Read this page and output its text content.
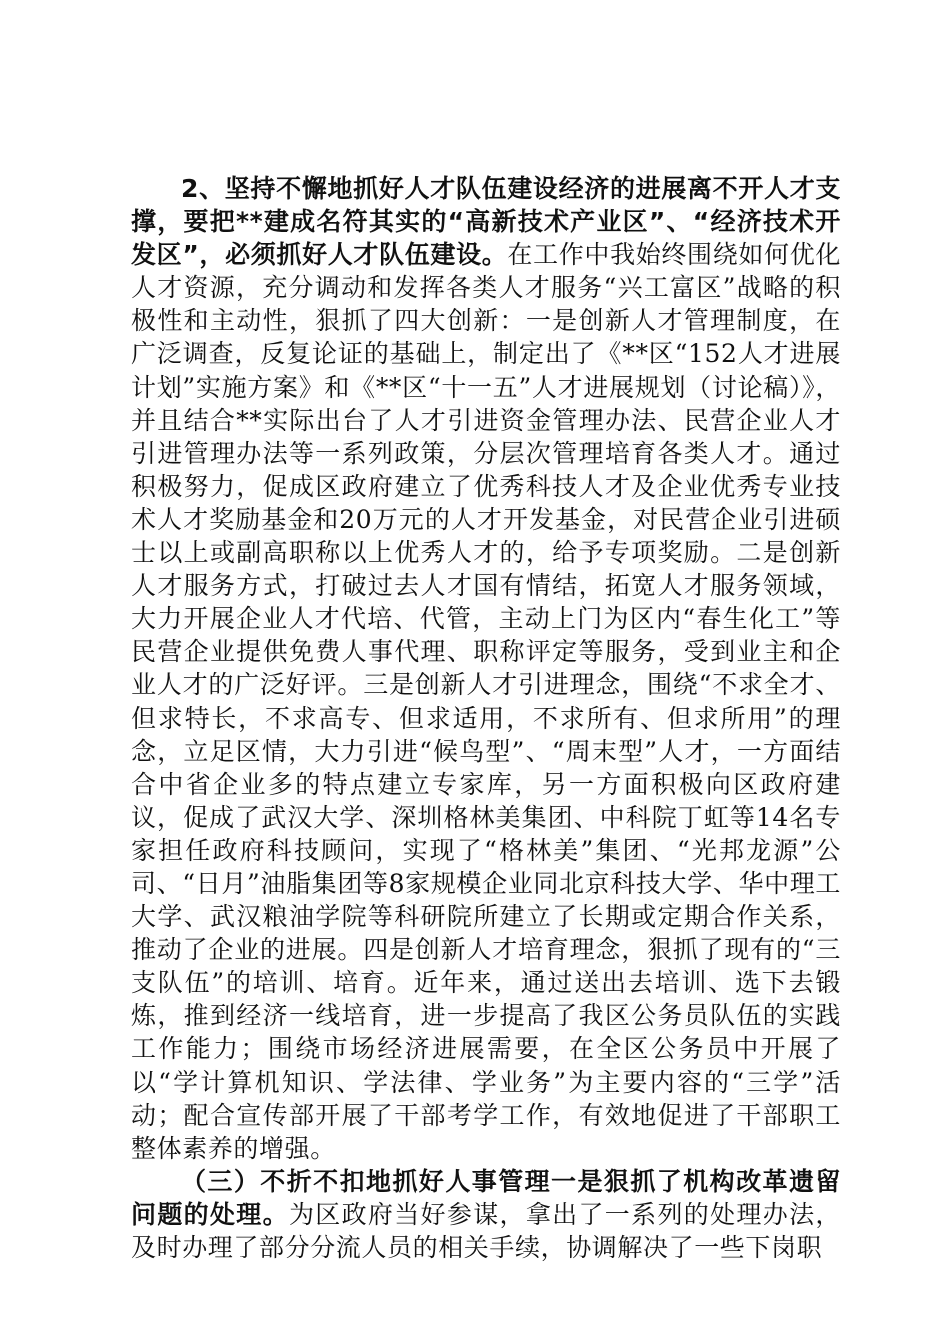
2、坚持不懈地抓好人才队伍建设经济的进展离不开人才支撑，要把**建成名符其实的“高新技术产业区”、“经济技术开发区”，必须抓好人才队伍建设。在工作中我始终围绕如何优化人才资源，充分调动和发挥各类人才服务“兴工富区”战略的积极性和主动性，狠抓了四大创新：一是创新人才管理制度，在广泛调查，反复论证的基础上，制定出了《**区“152人才进展计划”实施方案》和《**区“十一五”人才进展规划（讨论稿）》，并且结合**实际出台了人才引进资金管理办法、民营企业人才引进管理办法等一系列政策，分层次管理培育各类人才。通过积极努力，促成区政府建立了优秀科技人才及企业优秀专业技术人才奖励基金和20万元的人才开发基金，对民营企业引进硕士以上或副高职称以上优秀人才的，给予专项奖励。二是创新人才服务方式，打破过去人才国有情结，拓宽人才服务领域，大力开展企业人才代培、代管，主动上门为区内“春生化工”等民营企业提供免费人事代理、职称评定等服务，受到业主和企业人才的广泛好评。三是创新人才引进理念，围绕“不求全才、但求特长，不求高专、但求适用，不求所有、但求所用”的理念，立足区情，大力引进“候鸟型”、“周末型”人才，一方面结合中省企业多的特点建立专家库，另一方面积极向区政府建议，促成了武汉大学、深圳格林美集团、中科院丁虹等14名专家担任政府科技顾问，实现了“格林美”集团、“光邦龙源”公司、“日月”油脂集团等8家规模企业同北京科技大学、华中理工大学、武汉粮油学院等科研院所建立了长期或定期合作关系，推动了企业的进展。四是创新人才培育理念，狠抓了现有的“三支队伍”的培训、培育。近年来，通过送出去培训、选下去锻炼，推到经济一线培育，进一步提高了我区公务员队伍的实践工作能力；围绕市场经济进展需要，在全区公务员中开展了以“学计算机知识、学法律、学业务”为主要内容的“三学”活动；配合宣传部开展了干部考学工作，有效地促进了干部职工整体素养的增强。

（三）不折不扣地抓好人事管理一是狠抓了机构改革遗留问题的处理。为区政府当好参谋，拿出了一系列的处理办法，及时办理了部分分流人员的相关手续，协调解决了一些下岗职
